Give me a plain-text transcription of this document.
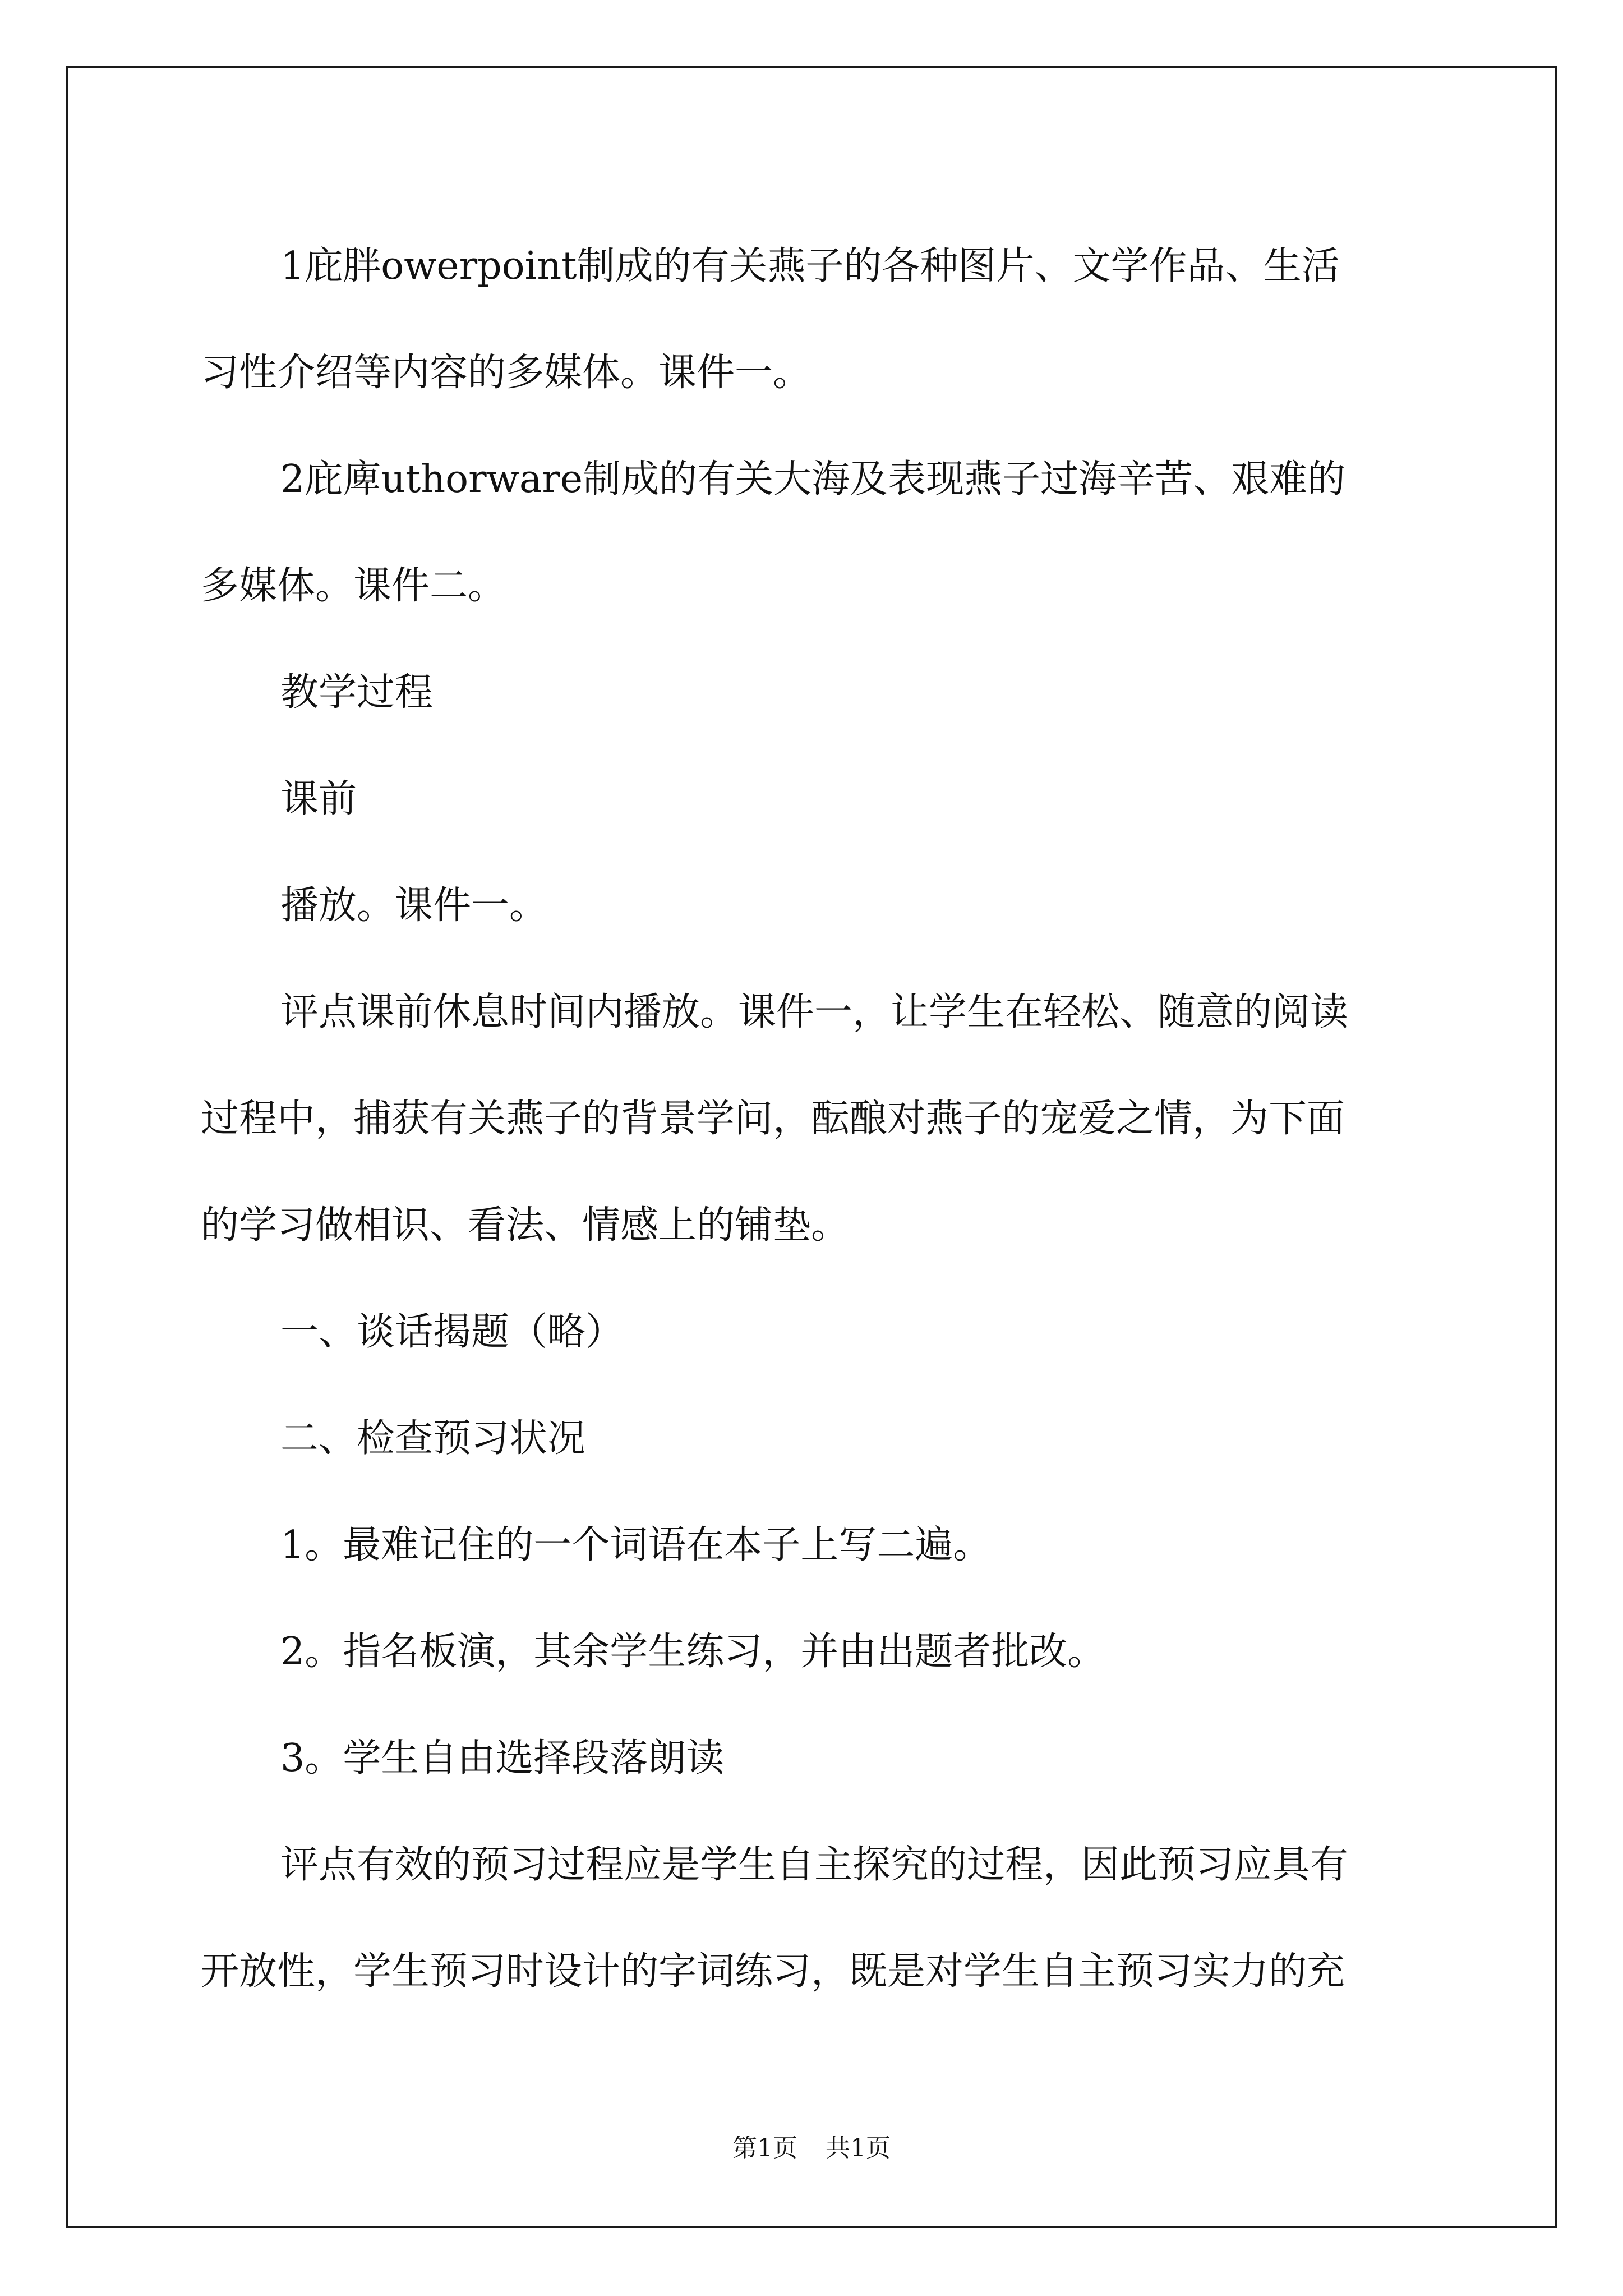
1庇胖owerpoint制成的有关燕子的各种图片、文学作品、生活

习性介绍等内容的多媒体。课件一。

2庇庳uthorware制成的有关大海及表现燕子过海辛苦、艰难的

多媒体。课件二。

教学过程

课前

播放。课件一。

评点课前休息时间内播放。课件一，让学生在轻松、随意的阅读

过程中，捕获有关燕子的背景学问，酝酿对燕子的宠爱之情，为下面

的学习做相识、看法、情感上的铺垫。

一、谈话揭题（略）

二、检查预习状况

1。最难记住的一个词语在本子上写二遍。

2。指名板演，其余学生练习，并由出题者批改。

3。学生自由选择段落朗读

评点有效的预习过程应是学生自主探究的过程，因此预习应具有

开放性，学生预习时设计的字词练习，既是对学生自主预习实力的充

第1页 共1页
